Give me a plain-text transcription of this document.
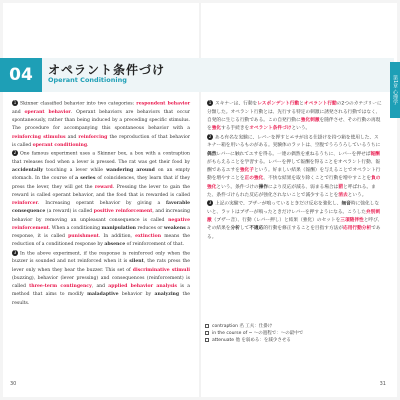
04	オペラント条件づけ
Operant Conditioning	第1章 心理学

1 Skinner classified behavior into two categories: respondent behavior and operant behavior. Operant behaviors are behaviors that occur spontaneously, rather than being induced by a preceding specific stimulus. The procedure for accompanying this spontaneous behavior with a reinforcing stimulus and reinforcing the reproduction of that behavior is called operant conditioning.

2 One famous experiment uses a Skinner box, a box with a contraption that releases food when a lever is pressed. The rat was get their food by accidentally touching a lever while wandering around on an empty stomach. In the course of a series of coincidences, they learn that if they press the lever, they will get the reward. Pressing the lever to gain the reward is called operant behavior, and the food that is rewarded is called reinforcer. Increasing operant behavior by giving a favorable consequence (a reward) is called positive reinforcement, and increasing behavior by removing an unpleasant consequence is called negative reinforcement. When a conditioning manipulation reduces or weakens a response, it is called punishment. In addition, extinction means the reduction of a conditioned response by absence of reinforcement of that.

3 In the above experiment, if the response is reinforced only when the buzzer is sounded and not reinforced when it is silent, the rats press the lever only when they hear the buzzer. This set of discriminative stimuli (buzzing), behavior (lever pressing) and consequences (reinforcement) is called three-term contingency, and applied behavior analysis is a method that aims to modify maladaptive behavior by analyzing the results.

1 スキナーは、行動をレスポンデント行動とオペラント行動の2つのカテゴリーに分類した。オペラント行動とは、先行する特定の刺激に誘発される行動ではなく、自発的に生じる行動である。この自発行動に強化刺激を随伴させ、その行動の再現を強化する手続きをオペラント条件づけという。

2 ある有名な実験に、レバーを押すとエサが出る仕掛けを持つ箱を使用した、スキナー箱を用いるものがある。実験体のラットは、空腹でうろうろしているうちに偶然レバーに触れてエサを得る。一連の偶然を重ねるうちに、レバーを押せば報酬がもらえることを学習する。レバーを押して報酬を得ることをオペラント行動、報酬であるエサを強化子という。好ましい結果（報酬）を与えることでオペラント行動を増やすことを正の強化、不快な結果を取り除くことで行動を増やすことを負の強化という。条件づけの操作により反応が減る、弱まる場合は罰と呼ばれる。また、条件づけられた反応が強化されないことで減少することを消去という。

3 上記の実験で、ブザーが鳴っているときだけ反応を強化し、無音時に強化しないと、ラットはブザーが鳴ったときだけレバーを押すようになる。こうした弁別刺激（ブザー音）、行動（レバー押し）と結果（強化）のセットを三項随伴性と呼び、その結果を分析して不適応的行動を修正することを目指す方法が応用行動分析である。

contraption 名 工夫：仕掛け
in the course of ~ ～の過程で：～の最中で
attenuate 他 を弱める：を減少させる
30	31
